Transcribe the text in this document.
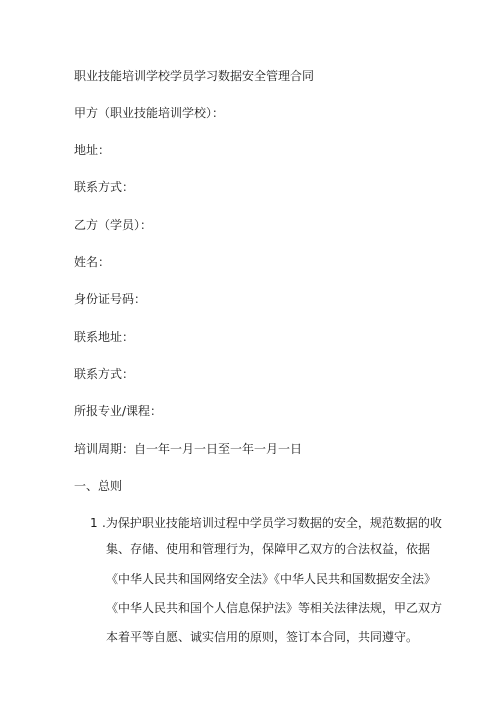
职业技能培训学校学员学习数据安全管理合同
甲方（职业技能培训学校）：
地址：
联系方式：
乙方（学员）：
姓名：
身份证号码：
联系地址：
联系方式：
所报专业/课程：
培训周期：自一年一月一日至一年一月一日
一、总则
1 .为保护职业技能培训过程中学员学习数据的安全，规范数据的收
集、存储、使用和管理行为，保障甲乙双方的合法权益，依据
《中华人民共和国网络安全法》《中华人民共和国数据安全法》
《中华人民共和国个人信息保护法》等相关法律法规，甲乙双方
本着平等自愿、诚实信用的原则，签订本合同，共同遵守。
